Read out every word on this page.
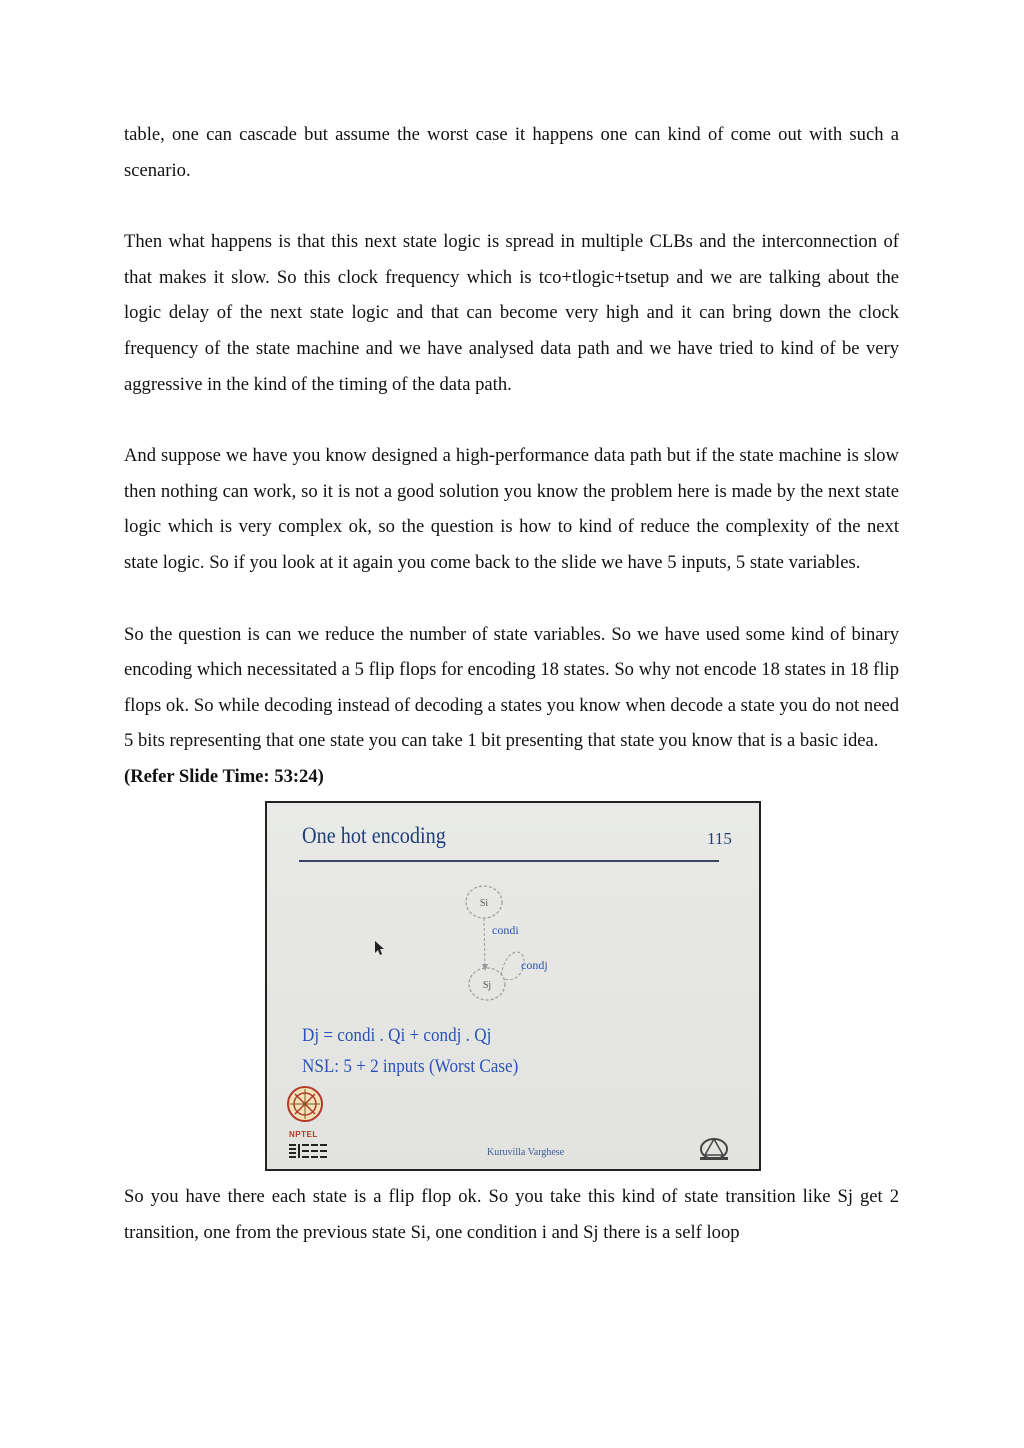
table, one can cascade but assume the worst case it happens one can kind of come out with such a scenario.

Then what happens is that this next state logic is spread in multiple CLBs and the interconnection of that makes it slow. So this clock frequency which is tco+tlogic+tsetup and we are talking about the logic delay of the next state logic and that can become very high and it can bring down the clock frequency of the state machine and we have analysed data path and we have tried to kind of be very aggressive in the kind of the timing of the data path.

And suppose we have you know designed a high-performance data path but if the state machine is slow then nothing can work, so it is not a good solution you know the problem here is made by the next state logic which is very complex ok, so the question is how to kind of reduce the complexity of the next state logic. So if you look at it again you come back to the slide we have 5 inputs, 5 state variables.

So the question is can we reduce the number of state variables. So we have used some kind of binary encoding which necessitated a 5 flip flops for encoding 18 states. So why not encode 18 states in 18 flip flops ok. So while decoding instead of decoding a states you know when decode a state you do not need 5 bits representing that one state you can take 1 bit presenting that state you know that is a basic idea.

(Refer Slide Time: 53:24)

One hot encoding	115
Si
condi
Sj
condj
NPTEL
Dj = condi . Qi + condj . Qj
NSL: 5 + 2 inputs (Worst Case)
Kuruvilla Varghese

So you have there each state is a flip flop ok. So you take this kind of state transition like Sj get 2 transition, one from the previous state Si, one condition i and Sj there is a self loop
